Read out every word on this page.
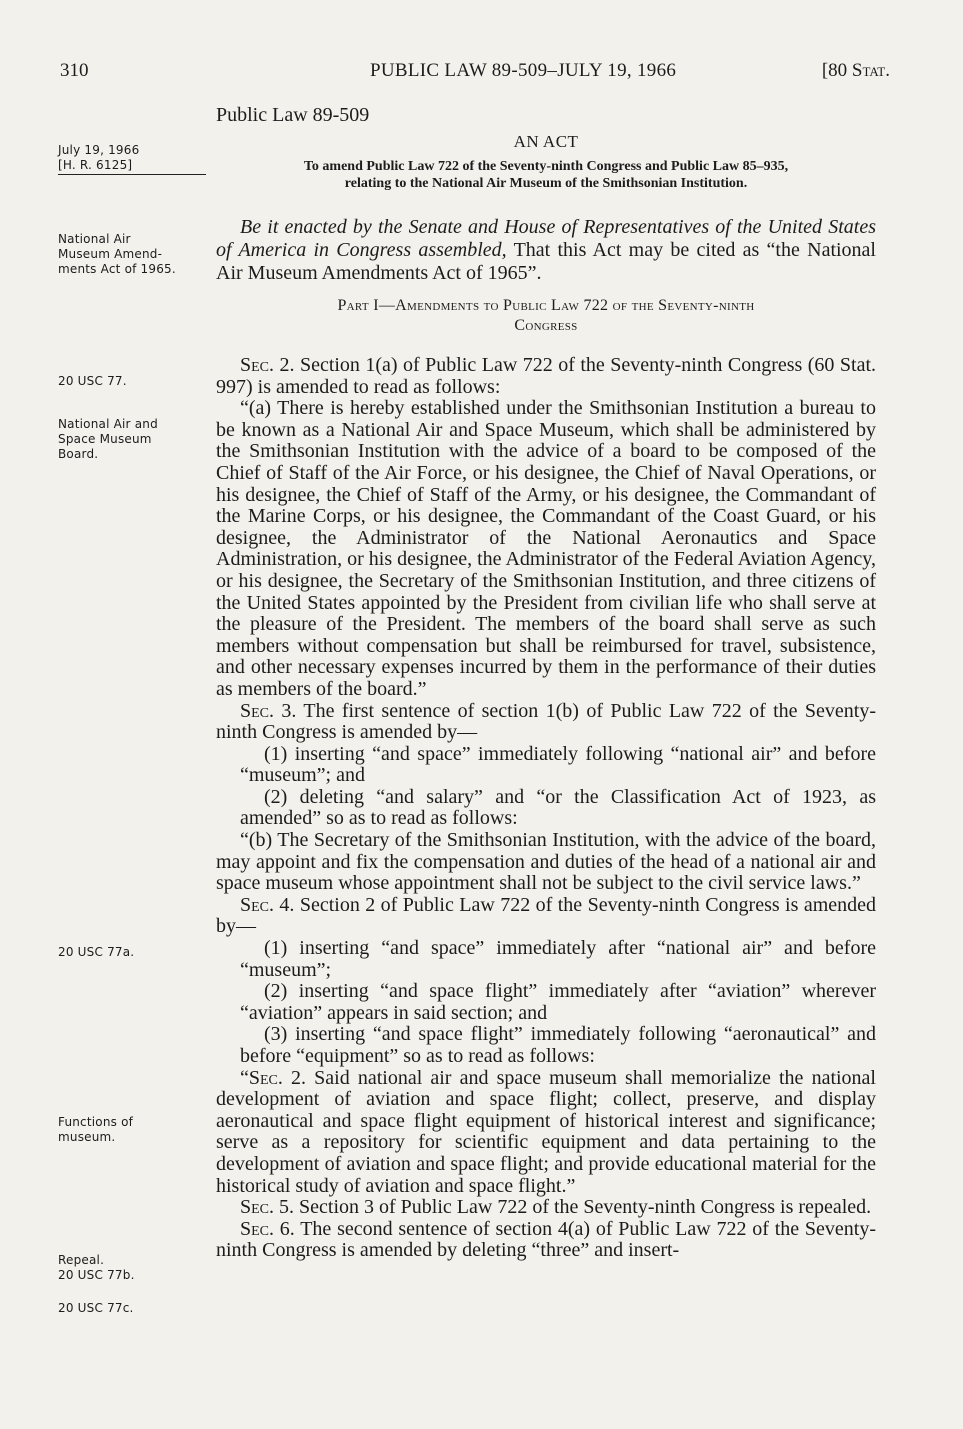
310	PUBLIC LAW 89-509–JULY 19, 1966	[80 Stat.
July 19, 1966
[H. R. 6125]
National Air
Museum Amend-
ments Act of 1965.
20 USC 77.
National Air and
Space Museum
Board.
20 USC 77a.
Functions of
museum.
Repeal.
20 USC 77b.
20 USC 77c.
Public Law 89-509
AN ACT
To amend Public Law 722 of the Seventy-ninth Congress and Public Law 85–935,
relating to the National Air Museum of the Smithsonian Institution.
Be it enacted by the Senate and House of Representatives of the United States of America in Congress assembled, That this Act may be cited as “the National Air Museum Amendments Act of 1965”.
Part I—Amendments to Public Law 722 of the Seventy-ninth
Congress

Sec. 2. Section 1(a) of Public Law 722 of the Seventy-ninth Congress (60 Stat. 997) is amended to read as follows:

“(a) There is hereby established under the Smithsonian Institution a bureau to be known as a National Air and Space Museum, which shall be administered by the Smithsonian Institution with the advice of a board to be composed of the Chief of Staff of the Air Force, or his designee, the Chief of Naval Operations, or his designee, the Chief of Staff of the Army, or his designee, the Commandant of the Marine Corps, or his designee, the Commandant of the Coast Guard, or his designee, the Administrator of the National Aeronautics and Space Administration, or his designee, the Administrator of the Federal Aviation Agency, or his designee, the Secretary of the Smithsonian Institution, and three citizens of the United States appointed by the President from civilian life who shall serve at the pleasure of the President. The members of the board shall serve as such members without compensation but shall be reimbursed for travel, subsistence, and other necessary expenses incurred by them in the performance of their duties as members of the board.”

Sec. 3. The first sentence of section 1(b) of Public Law 722 of the Seventy-ninth Congress is amended by—

(1) inserting “and space” immediately following “national air” and before “museum”; and

(2) deleting “and salary” and “or the Classification Act of 1923, as amended” so as to read as follows:

“(b) The Secretary of the Smithsonian Institution, with the advice of the board, may appoint and fix the compensation and duties of the head of a national air and space museum whose appointment shall not be subject to the civil service laws.”

Sec. 4. Section 2 of Public Law 722 of the Seventy-ninth Congress is amended by—

(1) inserting “and space” immediately after “national air” and before “museum”;

(2) inserting “and space flight” immediately after “aviation” wherever “aviation” appears in said section; and

(3) inserting “and space flight” immediately following “aeronautical” and before “equipment” so as to read as follows:

“Sec. 2. Said national air and space museum shall memorialize the national development of aviation and space flight; collect, preserve, and display aeronautical and space flight equipment of historical interest and significance; serve as a repository for scientific equipment and data pertaining to the development of aviation and space flight; and provide educational material for the historical study of aviation and space flight.”

Sec. 5. Section 3 of Public Law 722 of the Seventy-ninth Congress is repealed.

Sec. 6. The second sentence of section 4(a) of Public Law 722 of the Seventy-ninth Congress is amended by deleting “three” and insert-
